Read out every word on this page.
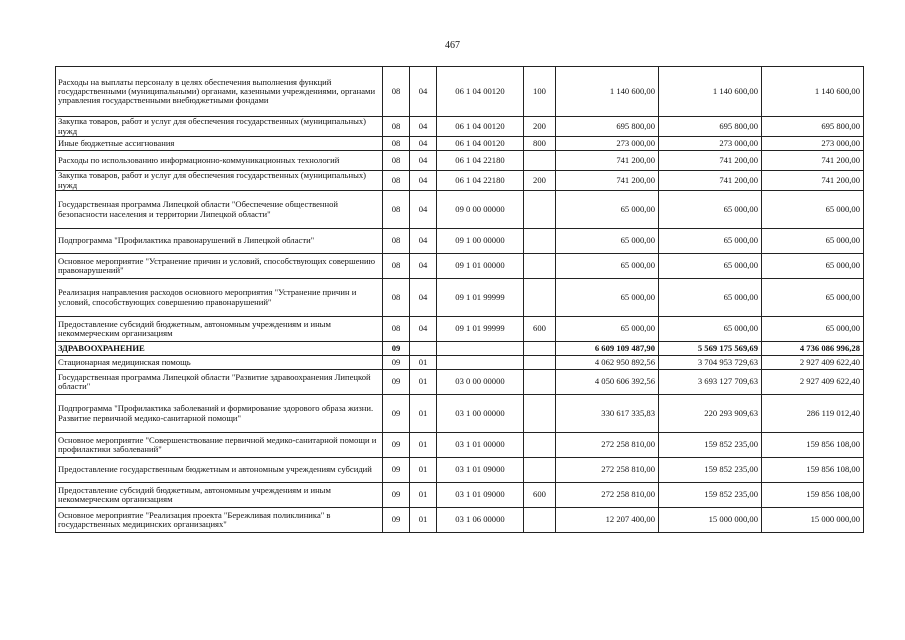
467
Расходы на выплаты персоналу в целях обеспечения выполнения функций государственными (муниципальными) органами, казенными учреждениями, органами управления государственными внебюджетными фондами	08	04	06 1 04 00120	100	1 140 600,00	1 140 600,00	1 140 600,00
Закупка товаров, работ и услуг для обеспечения государственных (муниципальных) нужд	08	04	06 1 04 00120	200	695 800,00	695 800,00	695 800,00
Иные бюджетные ассигнования	08	04	06 1 04 00120	800	273 000,00	273 000,00	273 000,00
Расходы по использованию информационно-коммуникационных технологий	08	04	06 1 04 22180		741 200,00	741 200,00	741 200,00
Закупка товаров, работ и услуг для обеспечения государственных (муниципальных) нужд	08	04	06 1 04 22180	200	741 200,00	741 200,00	741 200,00
Государственная программа Липецкой области "Обеспечение общественной безопасности населения и территории Липецкой области"	08	04	09 0 00 00000		65 000,00	65 000,00	65 000,00
Подпрограмма "Профилактика правонарушений в Липецкой области"	08	04	09 1 00 00000		65 000,00	65 000,00	65 000,00
Основное мероприятие "Устранение причин и условий, способствующих совершению правонарушений"	08	04	09 1 01 00000		65 000,00	65 000,00	65 000,00
Реализация направления расходов основного мероприятия "Устранение причин и условий, способствующих совершению правонарушений"	08	04	09 1 01 99999		65 000,00	65 000,00	65 000,00
Предоставление субсидий бюджетным, автономным учреждениям и иным некоммерческим организациям	08	04	09 1 01 99999	600	65 000,00	65 000,00	65 000,00
ЗДРАВООХРАНЕНИЕ	09				6 609 109 487,90	5 569 175 569,69	4 736 086 996,28
Стационарная медицинская помощь	09	01			4 062 950 892,56	3 704 953 729,63	2 927 409 622,40
Государственная программа Липецкой области "Развитие здравоохранения Липецкой области"	09	01	03 0 00 00000		4 050 606 392,56	3 693 127 709,63	2 927 409 622,40
Подпрограмма "Профилактика заболеваний и формирование здорового образа жизни. Развитие первичной медико-санитарной помощи"	09	01	03 1 00 00000		330 617 335,83	220 293 909,63	286 119 012,40
Основное мероприятие "Совершенствование первичной медико-санитарной помощи и профилактики заболеваний"	09	01	03 1 01 00000		272 258 810,00	159 852 235,00	159 856 108,00
Предоставление государственным бюджетным и автономным учреждениям субсидий	09	01	03 1 01 09000		272 258 810,00	159 852 235,00	159 856 108,00
Предоставление субсидий бюджетным, автономным учреждениям и иным некоммерческим организациям	09	01	03 1 01 09000	600	272 258 810,00	159 852 235,00	159 856 108,00
Основное мероприятие "Реализация проекта "Бережливая поликлиника" в государственных медицинских организациях"	09	01	03 1 06 00000		12 207 400,00	15 000 000,00	15 000 000,00
